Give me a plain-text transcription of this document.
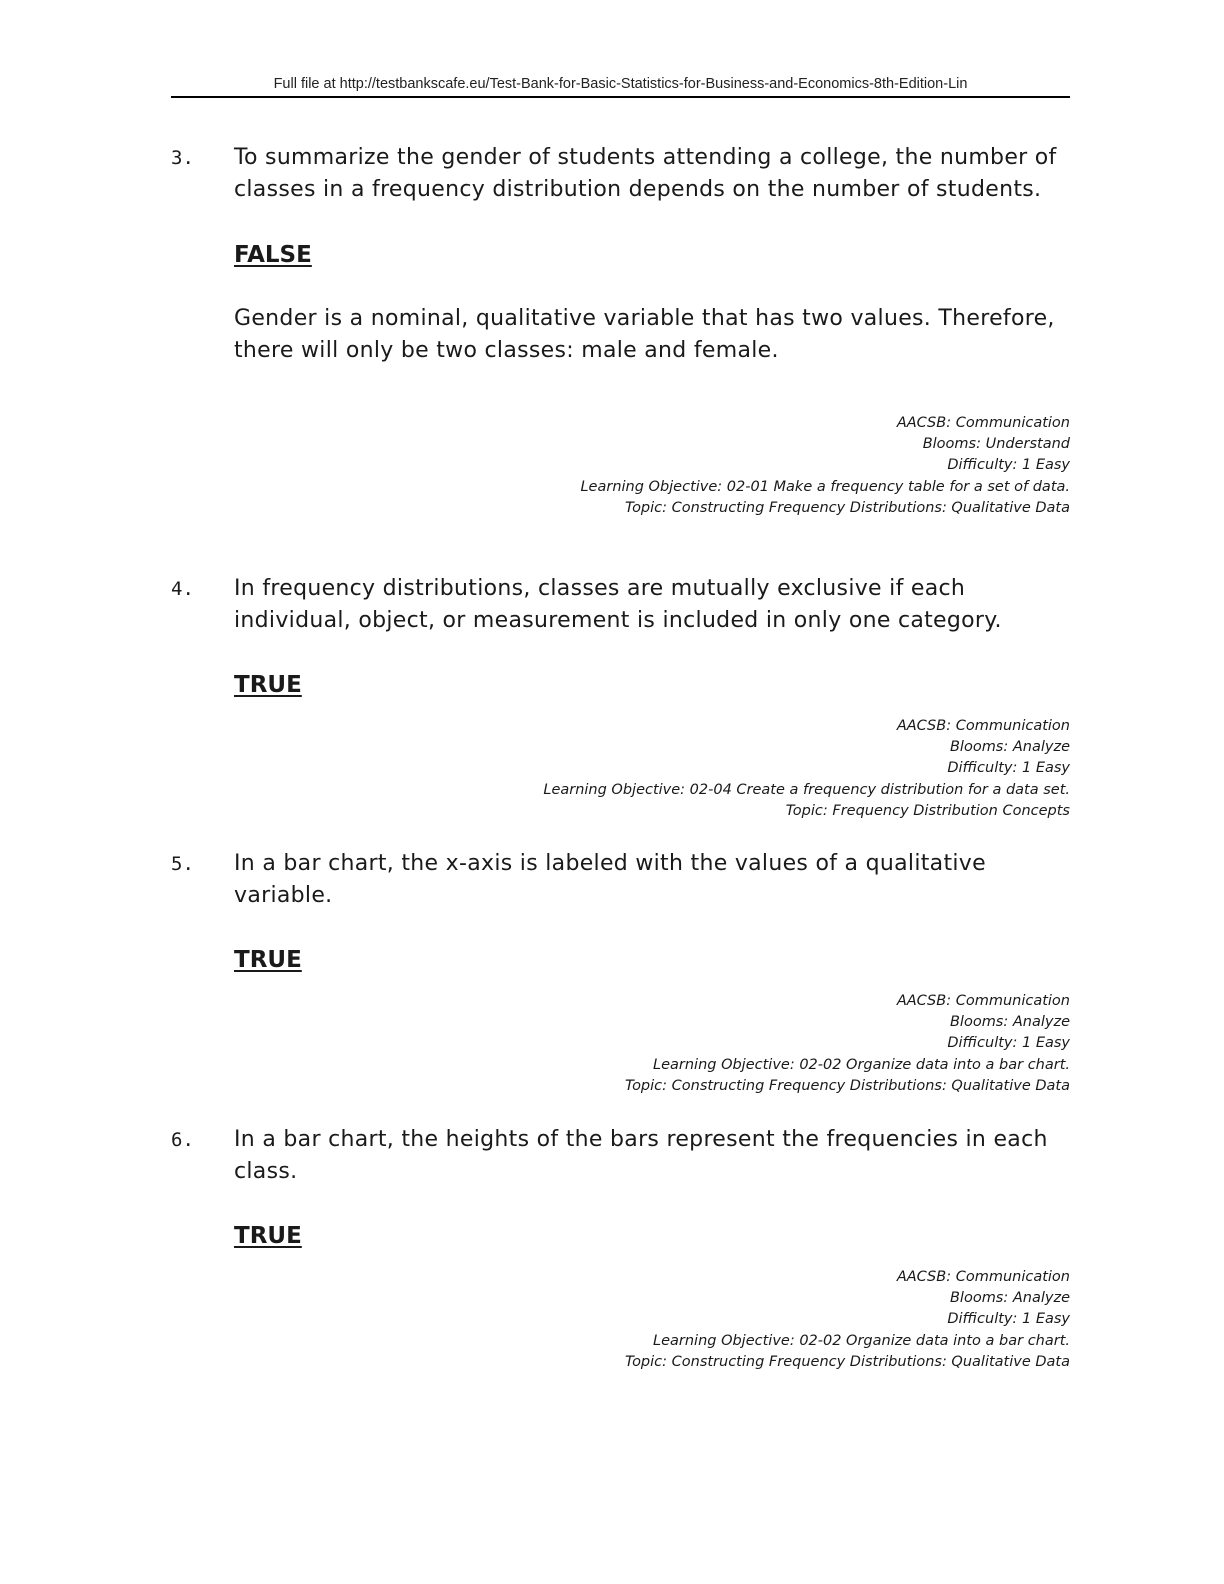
Full file at http://testbankscafe.eu/Test-Bank-for-Basic-Statistics-for-Business-and-Economics-8th-Edition-Lin
3. To summarize the gender of students attending a college, the number of classes in a frequency distribution depends on the number of students.
FALSE
Gender is a nominal, qualitative variable that has two values. Therefore, there will only be two classes: male and female.
AACSB: Communication
Blooms: Understand
Difficulty: 1 Easy
Learning Objective: 02-01 Make a frequency table for a set of data.
Topic: Constructing Frequency Distributions: Qualitative Data
4. In frequency distributions, classes are mutually exclusive if each individual, object, or measurement is included in only one category.
TRUE
AACSB: Communication
Blooms: Analyze
Difficulty: 1 Easy
Learning Objective: 02-04 Create a frequency distribution for a data set.
Topic: Frequency Distribution Concepts
5. In a bar chart, the x-axis is labeled with the values of a qualitative variable.
TRUE
AACSB: Communication
Blooms: Analyze
Difficulty: 1 Easy
Learning Objective: 02-02 Organize data into a bar chart.
Topic: Constructing Frequency Distributions: Qualitative Data
6. In a bar chart, the heights of the bars represent the frequencies in each class.
TRUE
AACSB: Communication
Blooms: Analyze
Difficulty: 1 Easy
Learning Objective: 02-02 Organize data into a bar chart.
Topic: Constructing Frequency Distributions: Qualitative Data
